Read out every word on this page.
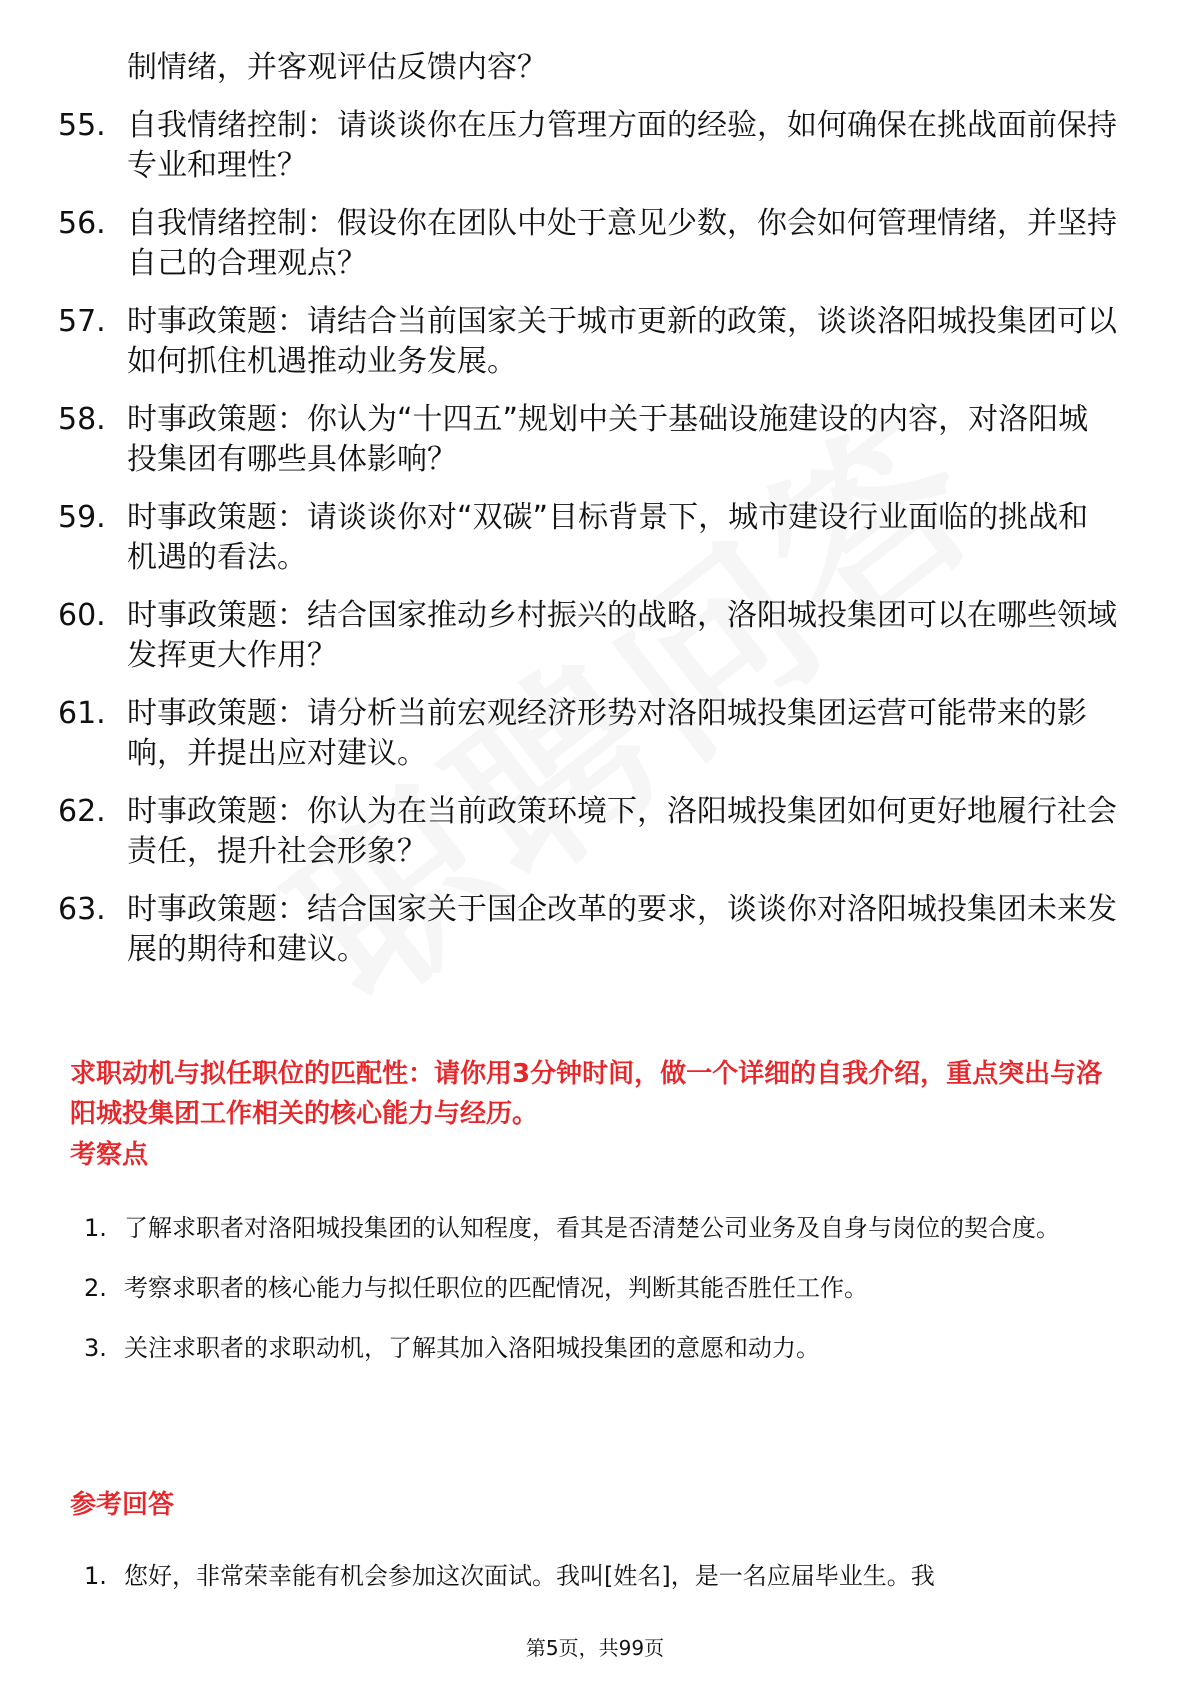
制情绪，并客观评估反馈内容？
55. 自我情绪控制：请谈谈你在压力管理方面的经验，如何确保在挑战面前保持专业和理性？
56. 自我情绪控制：假设你在团队中处于意见少数，你会如何管理情绪，并坚持自己的合理观点？
57. 时事政策题：请结合当前国家关于城市更新的政策，谈谈洛阳城投集团可以如何抓住机遇推动业务发展。
58. 时事政策题：你认为“十四五”规划中关于基础设施建设的内容，对洛阳城投集团有哪些具体影响？
59. 时事政策题：请谈谈你对“双碳”目标背景下，城市建设行业面临的挑战和机遇的看法。
60. 时事政策题：结合国家推动乡村振兴的战略，洛阳城投集团可以在哪些领域发挥更大作用？
61. 时事政策题：请分析当前宏观经济形势对洛阳城投集团运营可能带来的影响，并提出应对建议。
62. 时事政策题：你认为在当前政策环境下，洛阳城投集团如何更好地履行社会责任，提升社会形象？
63. 时事政策题：结合国家关于国企改革的要求，谈谈你对洛阳城投集团未来发展的期待和建议。
求职动机与拟任职位的匹配性：请你用3分钟时间，做一个详细的自我介绍，重点突出与洛阳城投集团工作相关的核心能力与经历。
考察点
1. 了解求职者对洛阳城投集团的认知程度，看其是否清楚公司业务及自身与岗位的契合度。
2. 考察求职者的核心能力与拟任职位的匹配情况，判断其能否胜任工作。
3. 关注求职者的求职动机，了解其加入洛阳城投集团的意愿和动力。
参考回答
1. 您好，非常荣幸能有机会参加这次面试。我叫[姓名]，是一名应届毕业生。我
第5页，共99页
